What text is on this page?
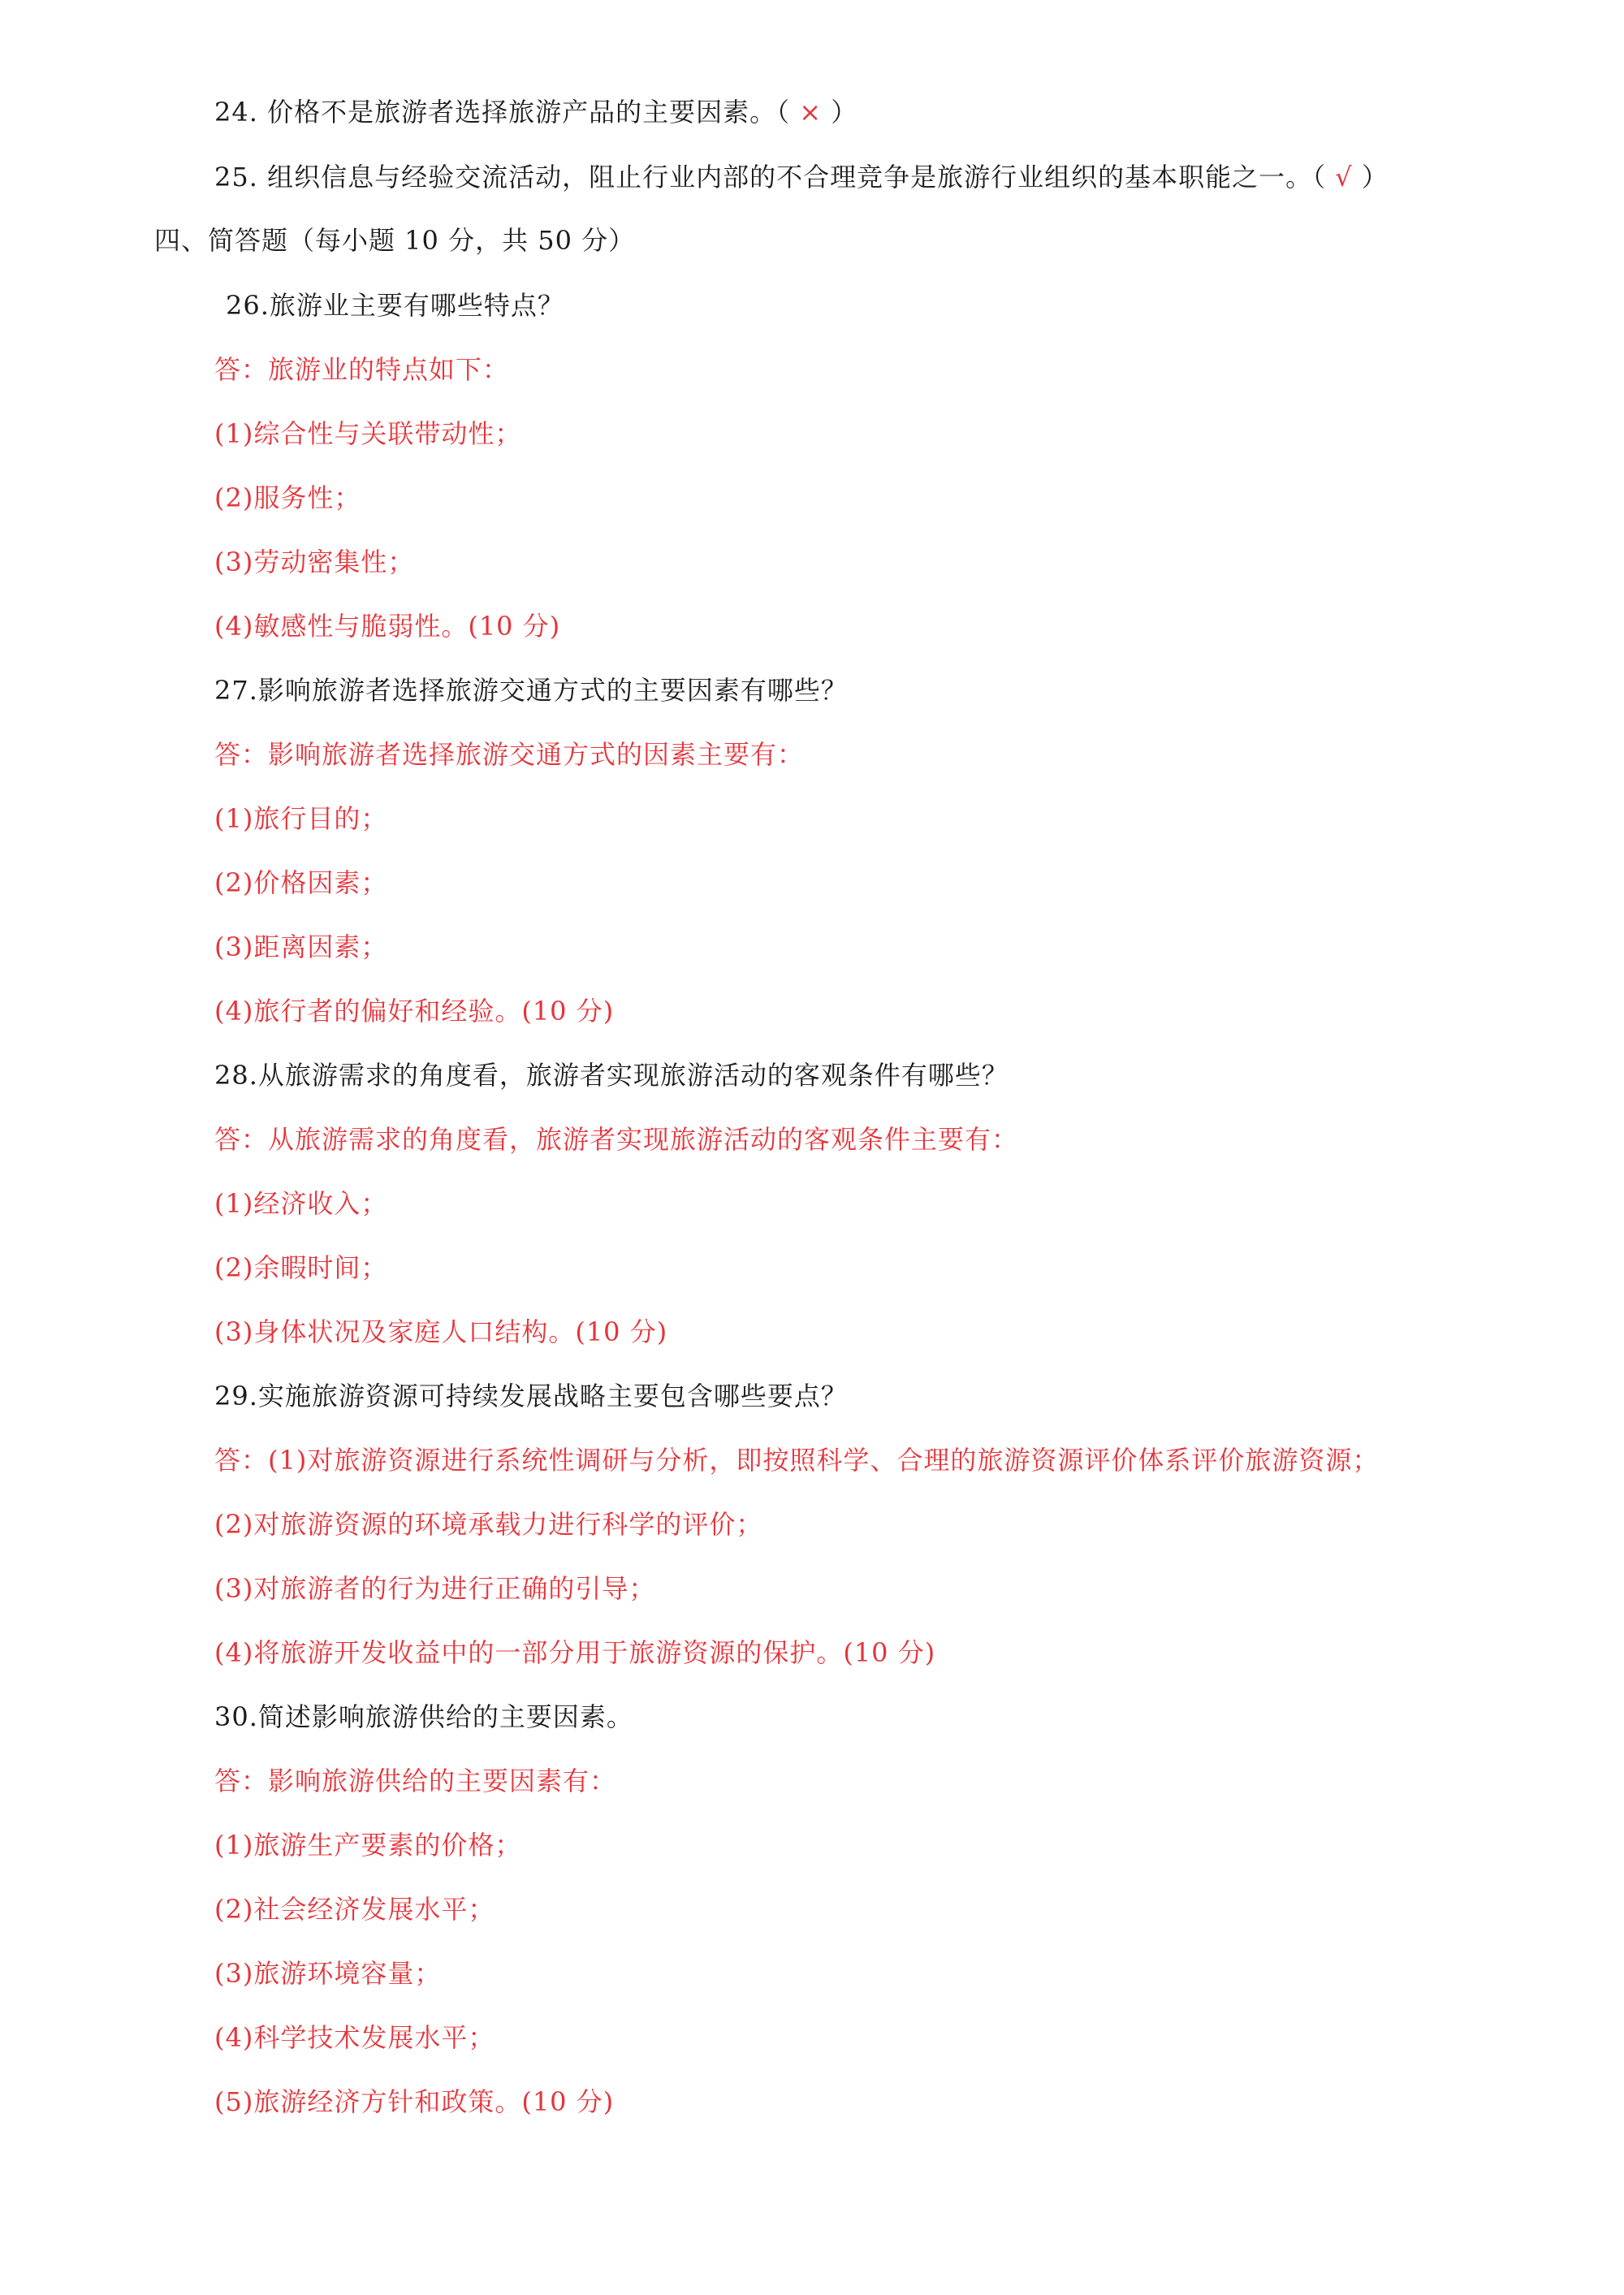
24. 价格不是旅游者选择旅游产品的主要因素。（ × ）
25. 组织信息与经验交流活动，阻止行业内部的不合理竞争是旅游行业组织的基本职能之一。（ √ ）
四、简答题（每小题 10 分，共 50 分）
26.旅游业主要有哪些特点？
答：旅游业的特点如下：
(1)综合性与关联带动性；
(2)服务性；
(3)劳动密集性；
(4)敏感性与脆弱性。(10 分)
27.影响旅游者选择旅游交通方式的主要因素有哪些？
答：影响旅游者选择旅游交通方式的因素主要有：
(1)旅行目的；
(2)价格因素；
(3)距离因素；
(4)旅行者的偏好和经验。(10 分)
28.从旅游需求的角度看，旅游者实现旅游活动的客观条件有哪些？
答：从旅游需求的角度看，旅游者实现旅游活动的客观条件主要有：
(1)经济收入；
(2)余暇时间；
(3)身体状况及家庭人口结构。(10 分)
29.实施旅游资源可持续发展战略主要包含哪些要点？
答：(1)对旅游资源进行系统性调研与分析，即按照科学、合理的旅游资源评价体系评价旅游资源；
(2)对旅游资源的环境承载力进行科学的评价；
(3)对旅游者的行为进行正确的引导；
(4)将旅游开发收益中的一部分用于旅游资源的保护。(10 分)
30.简述影响旅游供给的主要因素。
答：影响旅游供给的主要因素有：
(1)旅游生产要素的价格；
(2)社会经济发展水平；
(3)旅游环境容量；
(4)科学技术发展水平；
(5)旅游经济方针和政策。(10 分)
